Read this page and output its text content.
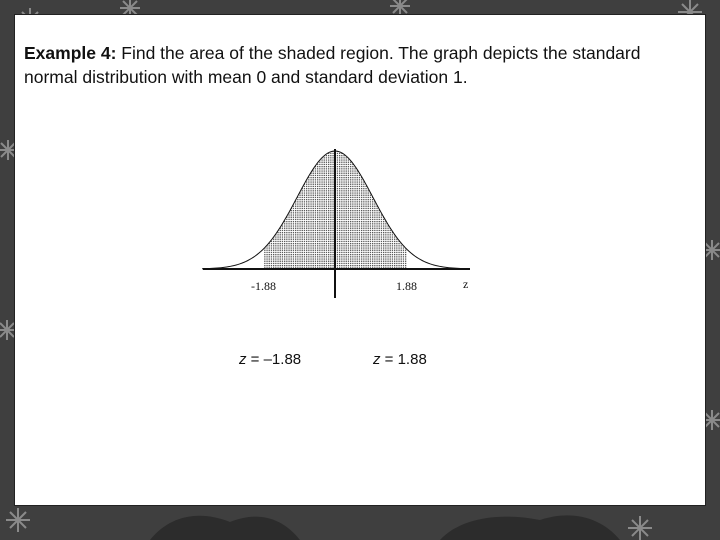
Example 4: Find the area of the shaded region. The graph depicts the standard normal distribution with mean 0 and standard deviation 1.
-1.88	1.88	z
z = –1.88	z = 1.88
